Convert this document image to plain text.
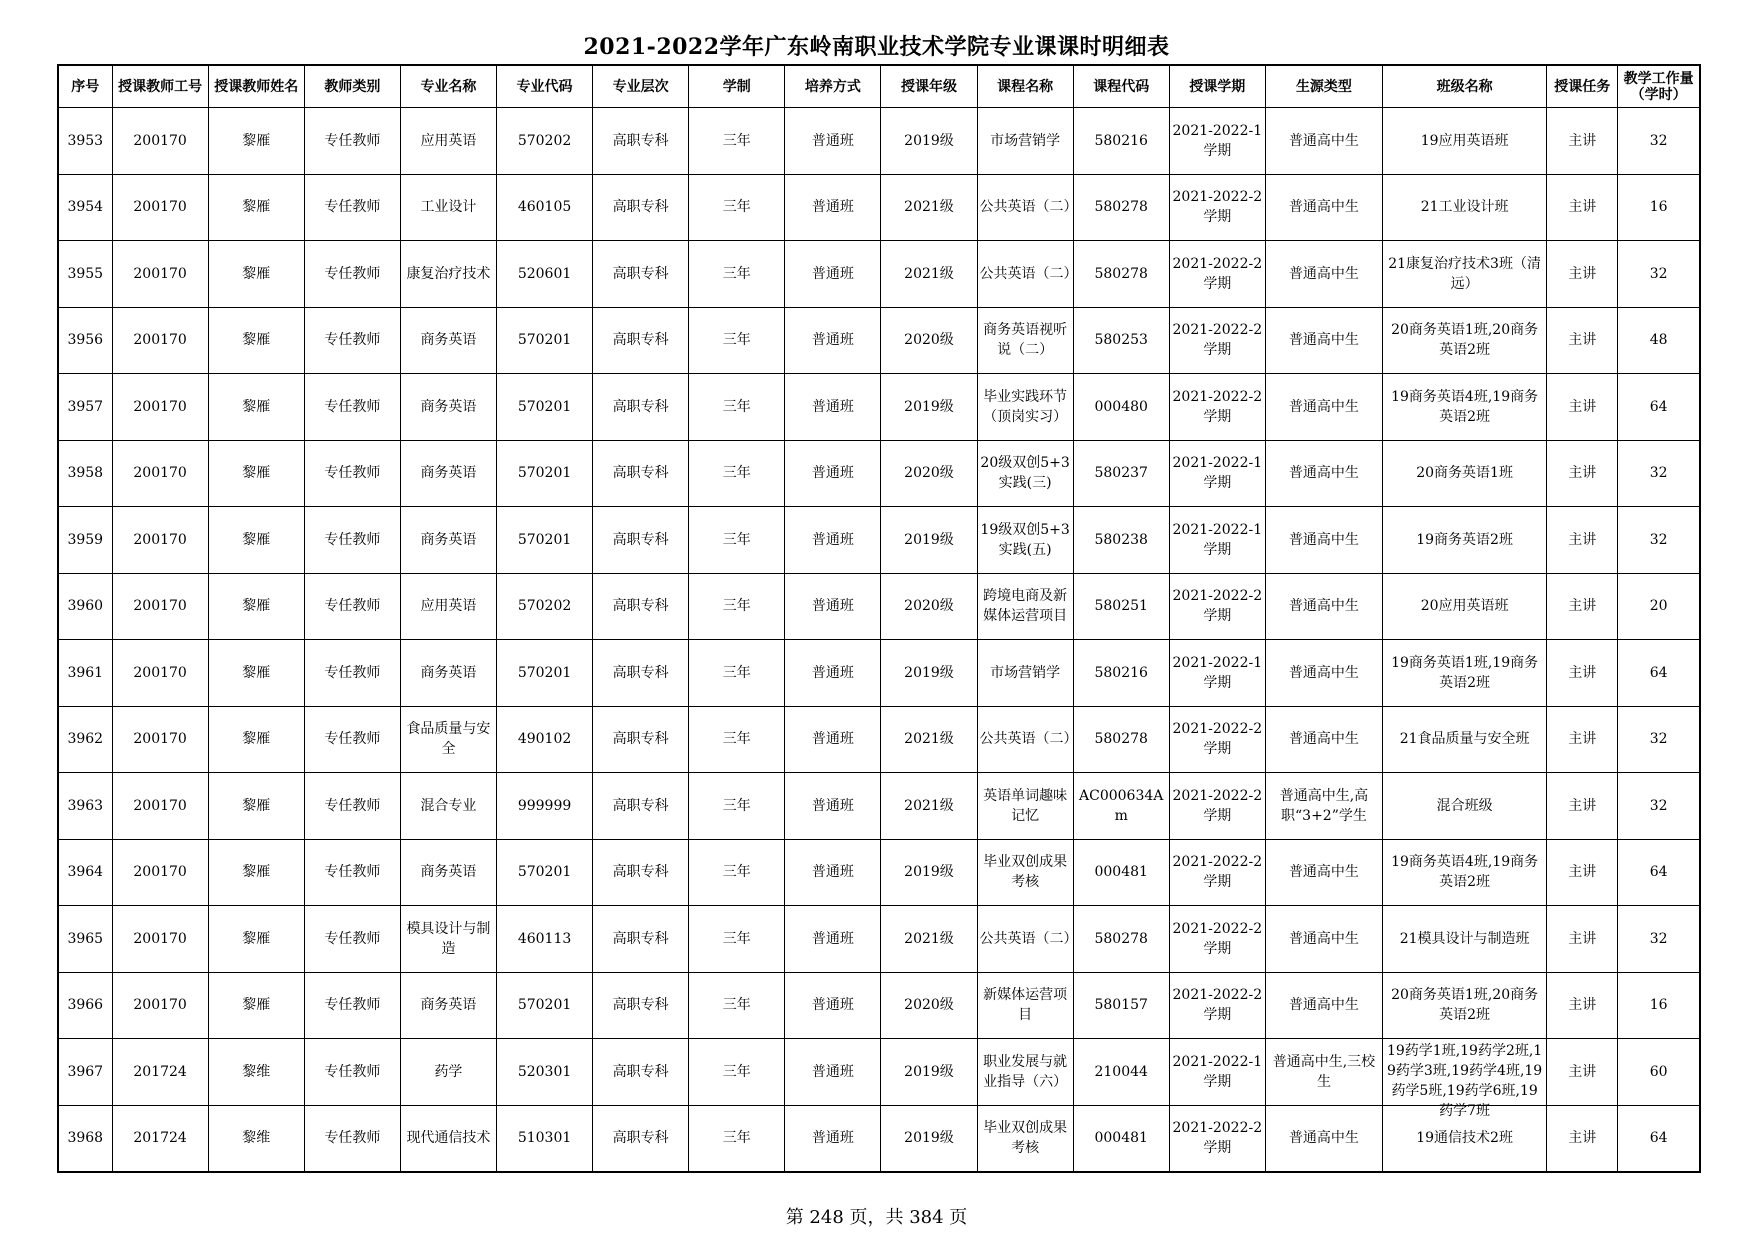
2021-2022学年广东岭南职业技术学院专业课课时明细表
序号	授课教师工号	授课教师姓名	教师类别	专业名称	专业代码	专业层次	学制	培养方式	授课年级	课程名称	课程代码	授课学期	生源类型	班级名称	授课任务	教学工作量（学时）

3953	200170	黎雁	专任教师	应用英语	570202	高职专科	三年	普通班	2019级	市场营销学	580216	2021-2022-1学期	普通高中生	19应用英语班	主讲	32

3954	200170	黎雁	专任教师	工业设计	460105	高职专科	三年	普通班	2021级	公共英语（二）	580278	2021-2022-2学期	普通高中生	21工业设计班	主讲	16

3955	200170	黎雁	专任教师	康复治疗技术	520601	高职专科	三年	普通班	2021级	公共英语（二）	580278	2021-2022-2学期	普通高中生	21康复治疗技术3班（清远）	主讲	32

3956	200170	黎雁	专任教师	商务英语	570201	高职专科	三年	普通班	2020级	商务英语视听说（二）	580253	2021-2022-2学期	普通高中生	20商务英语1班,20商务英语2班	主讲	48

3957	200170	黎雁	专任教师	商务英语	570201	高职专科	三年	普通班	2019级	毕业实践环节（顶岗实习）	000480	2021-2022-2学期	普通高中生	19商务英语4班,19商务英语2班	主讲	64

3958	200170	黎雁	专任教师	商务英语	570201	高职专科	三年	普通班	2020级	20级双创5+3实践(三)	580237	2021-2022-1学期	普通高中生	20商务英语1班	主讲	32

3959	200170	黎雁	专任教师	商务英语	570201	高职专科	三年	普通班	2019级	19级双创5+3实践(五)	580238	2021-2022-1学期	普通高中生	19商务英语2班	主讲	32

3960	200170	黎雁	专任教师	应用英语	570202	高职专科	三年	普通班	2020级	跨境电商及新媒体运营项目	580251	2021-2022-2学期	普通高中生	20应用英语班	主讲	20

3961	200170	黎雁	专任教师	商务英语	570201	高职专科	三年	普通班	2019级	市场营销学	580216	2021-2022-1学期	普通高中生	19商务英语1班,19商务英语2班	主讲	64

3962	200170	黎雁	专任教师	食品质量与安全	490102	高职专科	三年	普通班	2021级	公共英语（二）	580278	2021-2022-2学期	普通高中生	21食品质量与安全班	主讲	32

3963	200170	黎雁	专任教师	混合专业	999999	高职专科	三年	普通班	2021级	英语单词趣味记忆	AC000634Am	2021-2022-2学期	普通高中生,高职“3+2”学生	混合班级	主讲	32

3964	200170	黎雁	专任教师	商务英语	570201	高职专科	三年	普通班	2019级	毕业双创成果考核	000481	2021-2022-2学期	普通高中生	19商务英语4班,19商务英语2班	主讲	64

3965	200170	黎雁	专任教师	模具设计与制造	460113	高职专科	三年	普通班	2021级	公共英语（二）	580278	2021-2022-2学期	普通高中生	21模具设计与制造班	主讲	32

3966	200170	黎雁	专任教师	商务英语	570201	高职专科	三年	普通班	2020级	新媒体运营项目	580157	2021-2022-2学期	普通高中生	20商务英语1班,20商务英语2班	主讲	16

3967	201724	黎维	专任教师	药学	520301	高职专科	三年	普通班	2019级	职业发展与就业指导（六）	210044	2021-2022-1学期	普通高中生,三校生	19药学1班,19药学2班,19药学3班,19药学4班,19药学5班,19药学6班,19药学7班	主讲	60

3968	201724	黎维	专任教师	现代通信技术	510301	高职专科	三年	普通班	2019级	毕业双创成果考核	000481	2021-2022-2学期	普通高中生	19通信技术2班	主讲	64
第 248 页，共 384 页
